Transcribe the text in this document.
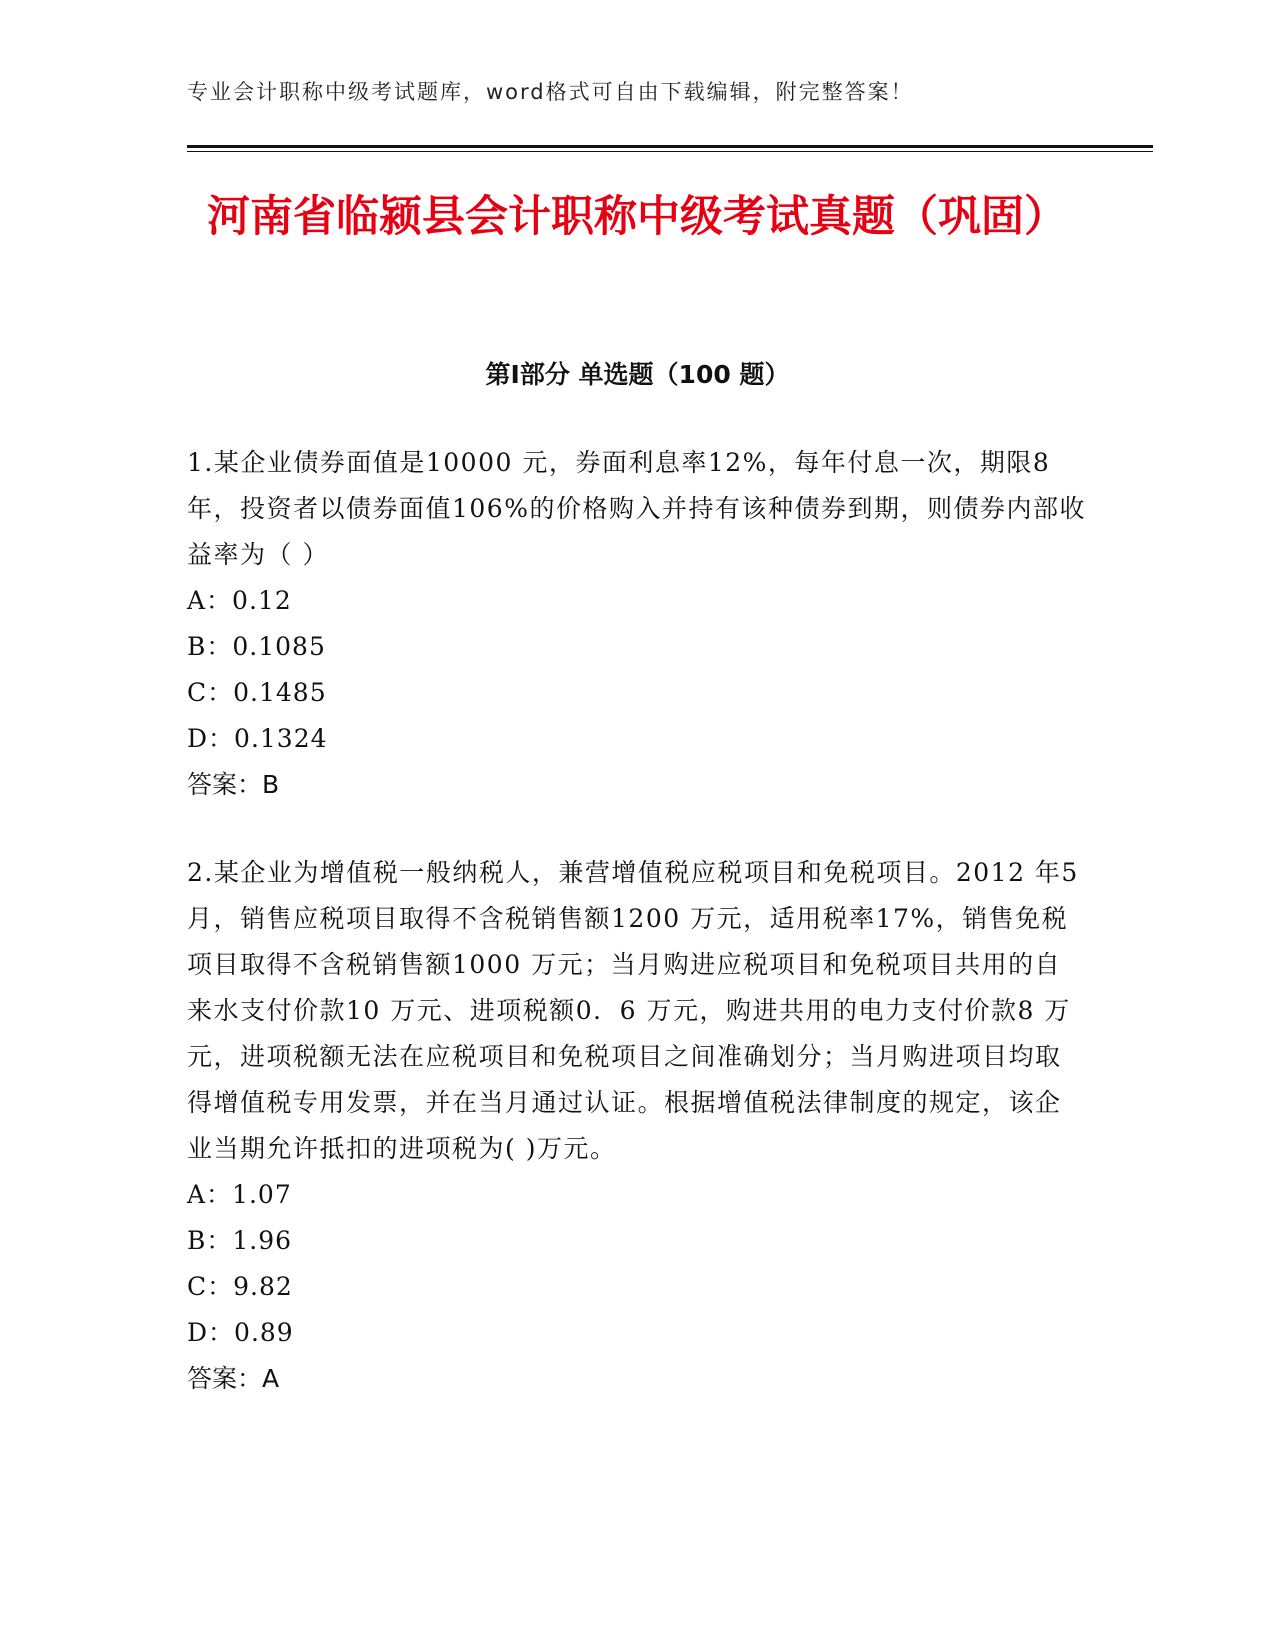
专业会计职称中级考试题库，word格式可自由下载编辑，附完整答案！
河南省临颍县会计职称中级考试真题（巩固）
第Ⅰ部分 单选题（100 题）

1.某企业债券面值是10000 元，券面利息率12%，每年付息一次，期限8 年，投资者以债券面值106%的价格购入并持有该种债券到期，则债券内部收益率为（ ）

A：0.12

B：0.1085

C：0.1485

D：0.1324

答案：B

2.某企业为增值税一般纳税人，兼营增值税应税项目和免税项目。2012 年5 月，销售应税项目取得不含税销售额1200 万元，适用税率17%，销售免税项目取得不含税销售额1000 万元；当月购进应税项目和免税项目共用的自来水支付价款10 万元、进项税额0．6 万元，购进共用的电力支付价款8 万元，进项税额无法在应税项目和免税项目之间准确划分；当月购进项目均取得增值税专用发票，并在当月通过认证。根据增值税法律制度的规定，该企业当期允许抵扣的进项税为( )万元。

A：1.07

B：1.96

C：9.82

D：0.89

答案：A
